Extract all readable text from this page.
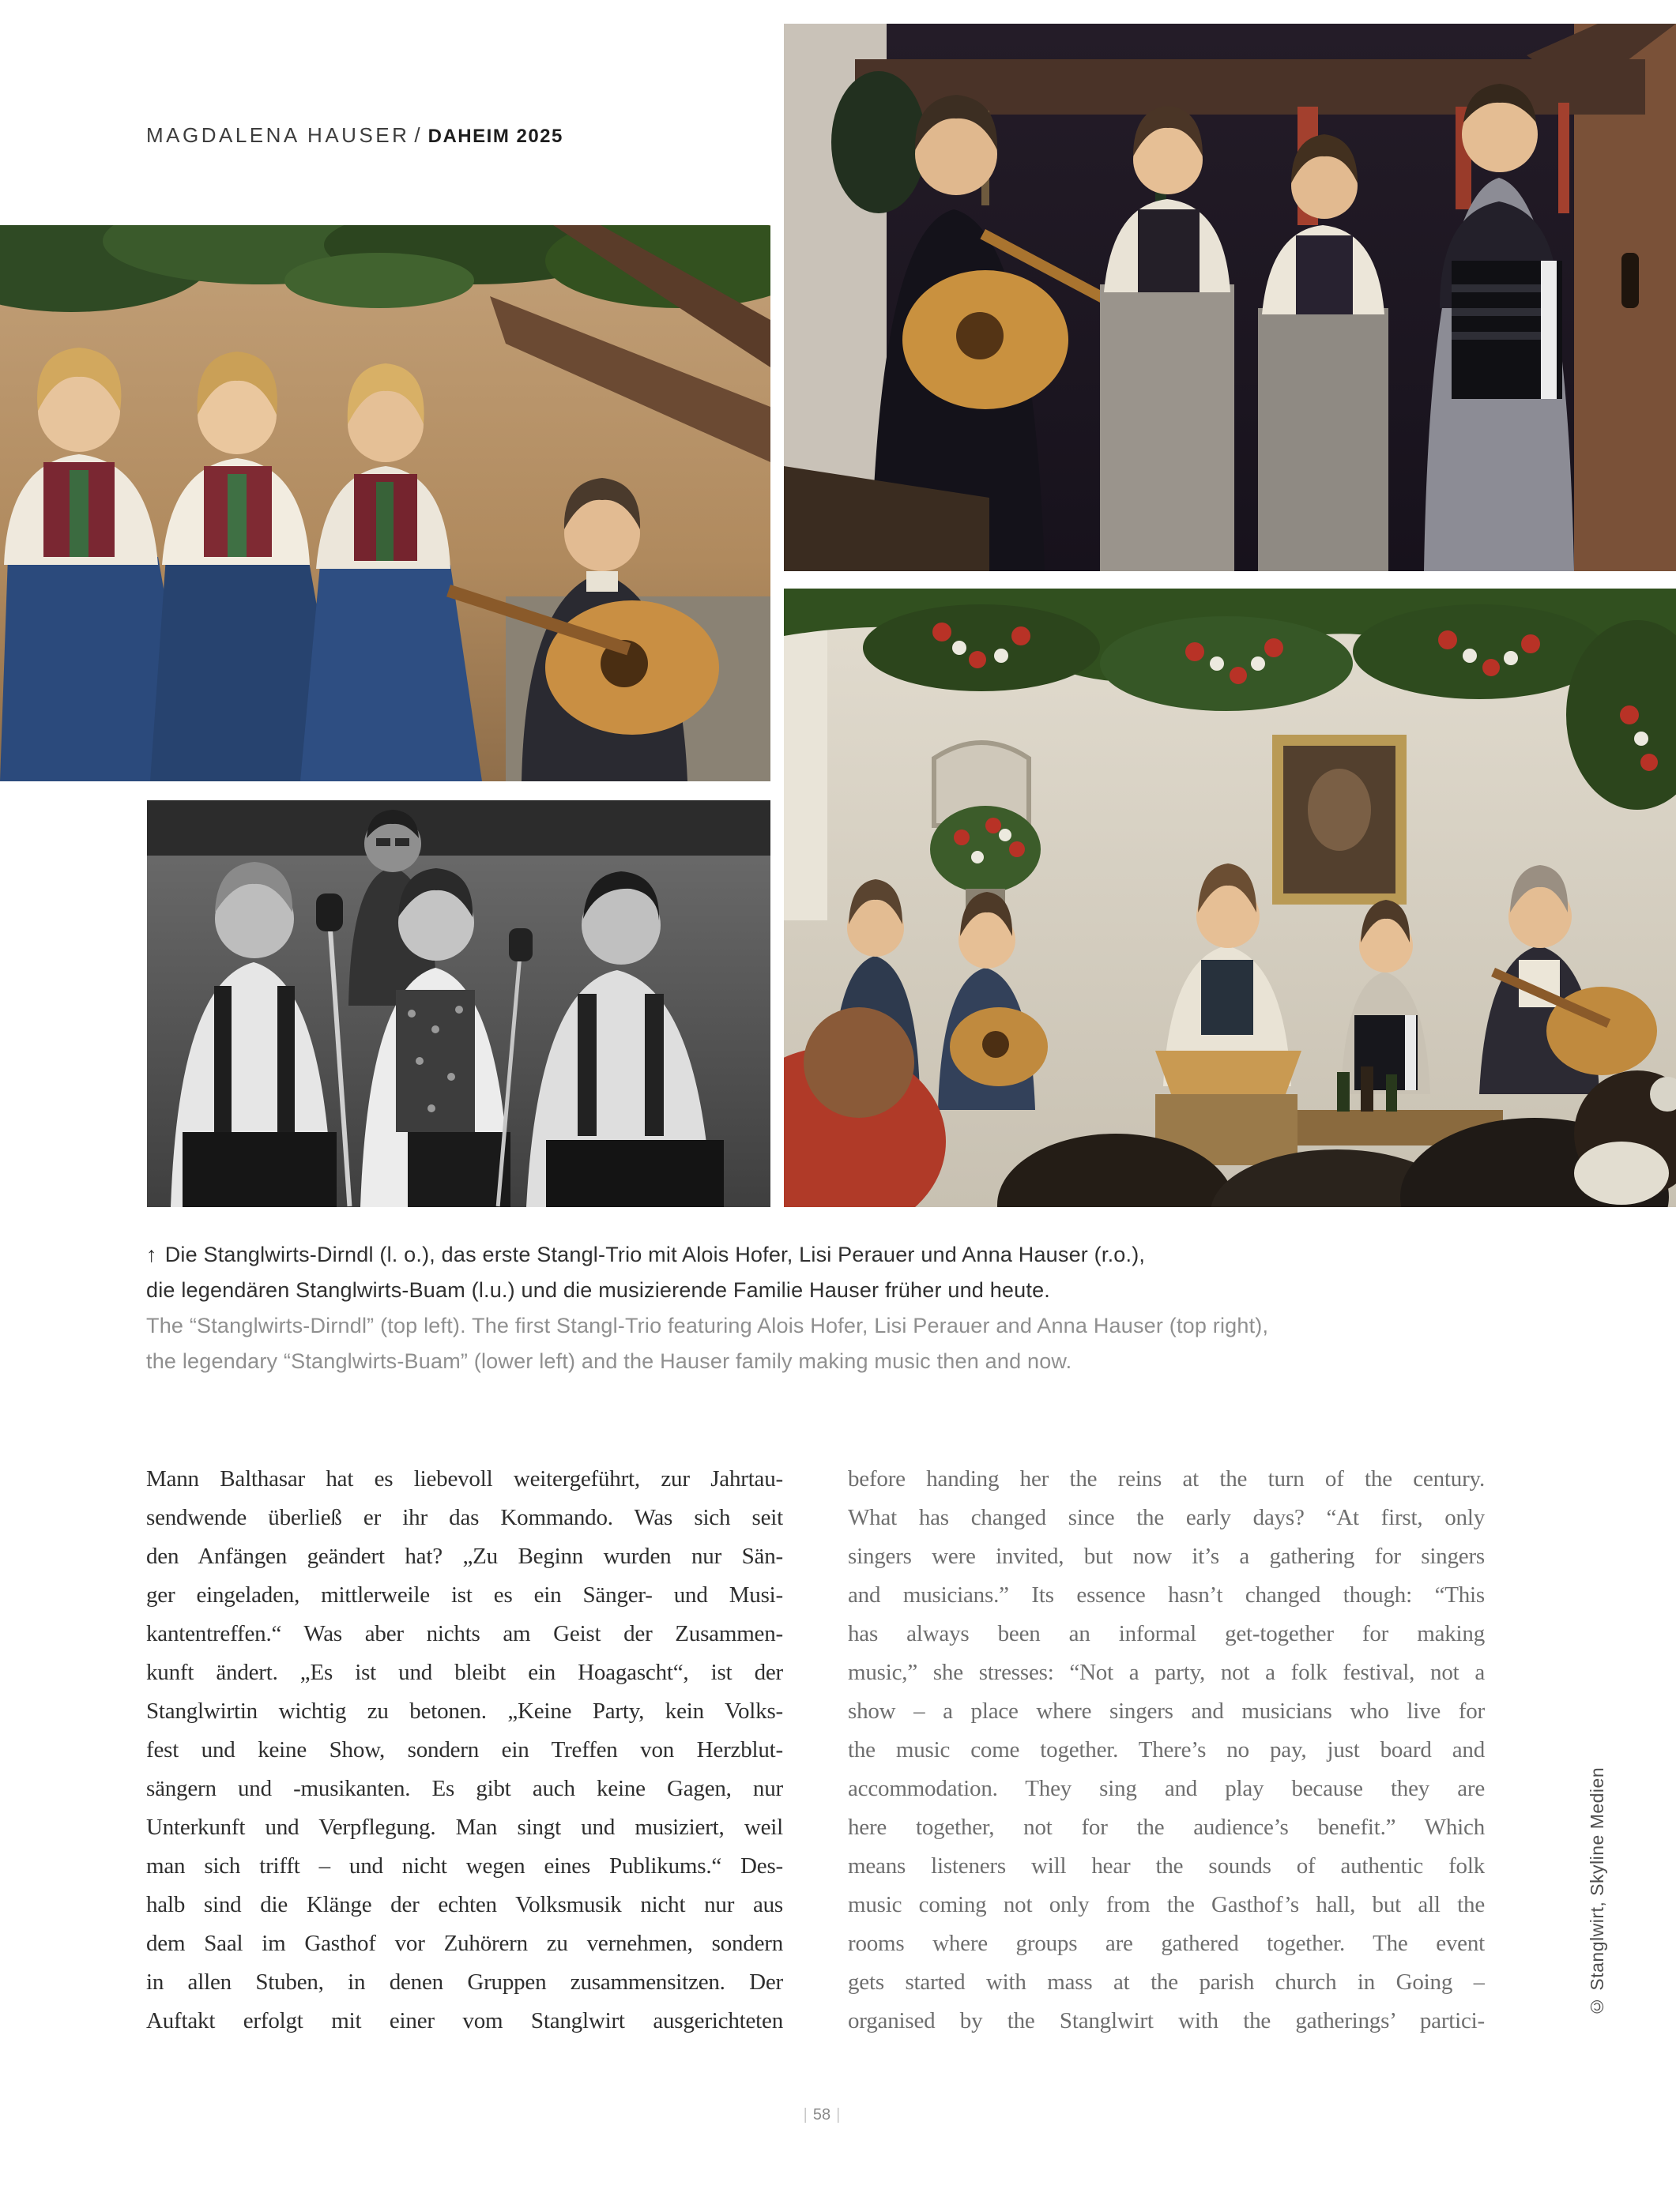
MAGDALENA HAUSER / DAHEIM 2025
↑ Die Stanglwirts-Dirndl (l. o.), das erste Stangl-Trio mit Alois Hofer, Lisi Perauer und Anna Hauser (r.o.),
die legendären Stanglwirts-Buam (l.u.) und die musizierende Familie Hauser früher und heute.
The “Stanglwirts-Dirndl” (top left). The first Stangl-Trio featuring Alois Hofer, Lisi Perauer and Anna Hauser (top right),
the legendary “Stanglwirts-Buam” (lower left) and the Hauser family making music then and now.
Mann Balthasar hat es liebevoll weitergeführt, zur Jahrtau-
sendwende überließ er ihr das Kommando. Was sich seit
den Anfängen geändert hat? „Zu Beginn wurden nur Sän-
ger eingeladen, mittlerweile ist es ein Sänger- und Musi-
kantentreffen.“ Was aber nichts am Geist der Zusammen-
kunft ändert. „Es ist und bleibt ein Hoagascht“, ist der
Stanglwirtin wichtig zu betonen. „Keine Party, kein Volks-
fest und keine Show, sondern ein Treffen von Herzblut-
sängern und -musikanten. Es gibt auch keine Gagen, nur
Unterkunft und Verpflegung. Man singt und musiziert, weil
man sich trifft – und nicht wegen eines Publikums.“ Des-
halb sind die Klänge der echten Volksmusik nicht nur aus
dem Saal im Gasthof vor Zuhörern zu vernehmen, sondern
in allen Stuben, in denen Gruppen zusammensitzen. Der
Auftakt erfolgt mit einer vom Stanglwirt ausgerichteten
before handing her the reins at the turn of the century.
What has changed since the early days? “At first, only
singers were invited, but now it’s a gathering for singers
and musicians.” Its essence hasn’t changed though: “This
has always been an informal get-together for making
music,” she stresses: “Not a party, not a folk festival, not a
show – a place where singers and musicians who live for
the music come together. There’s no pay, just board and
accommodation. They sing and play because they are
here together, not for the audience’s benefit.” Which
means listeners will hear the sounds of authentic folk
music coming not only from the Gasthof’s hall, but all the
rooms where groups are gathered together. The event
gets started with mass at the parish church in Going –
organised by the Stanglwirt with the gatherings’ partici-
© Stanglwirt, Skyline Medien
| 58 |
